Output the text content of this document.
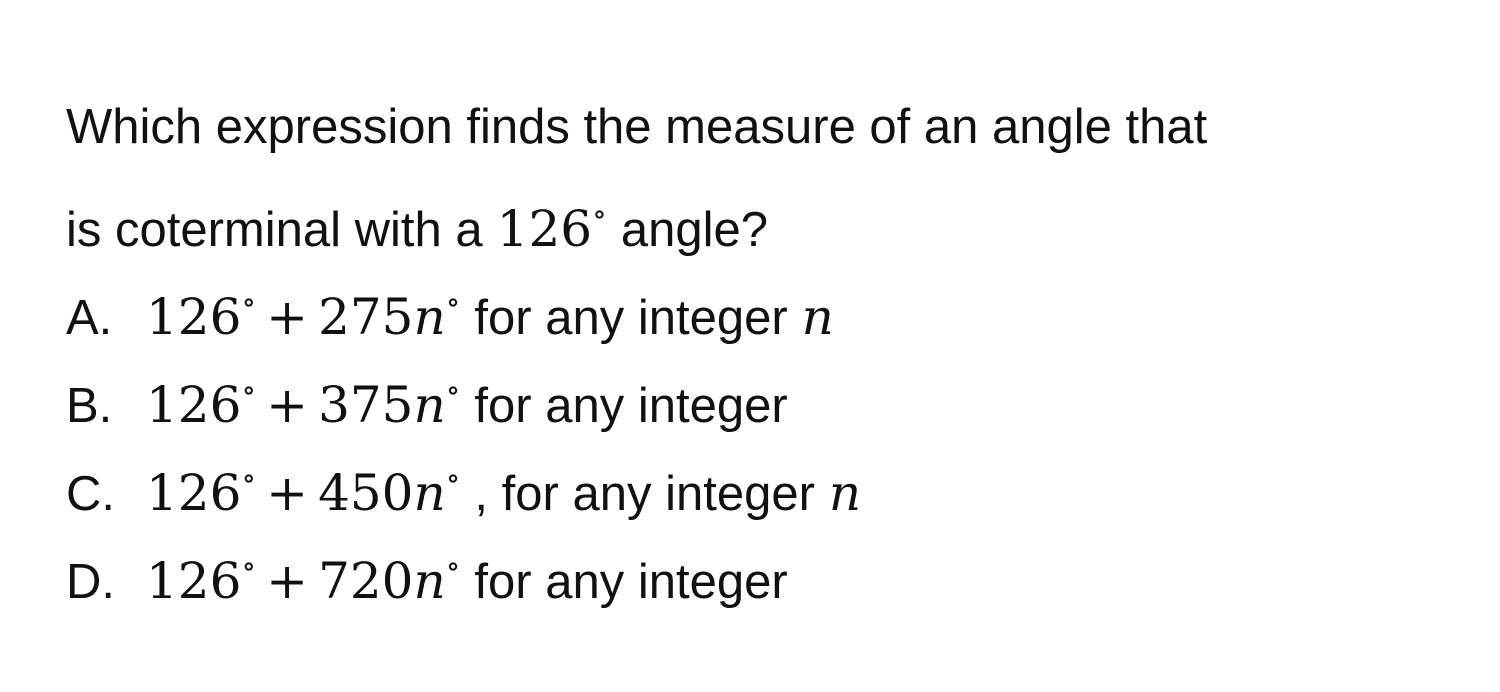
Which expression finds the measure of an angle that
is coterminal with a 126∘ angle?
A. 126∘ + 275n∘ for any integer n
B. 126∘ + 375n∘ for any integer
C. 126∘ + 450n∘ , for any integer n
D. 126∘ + 720n∘ for any integer
